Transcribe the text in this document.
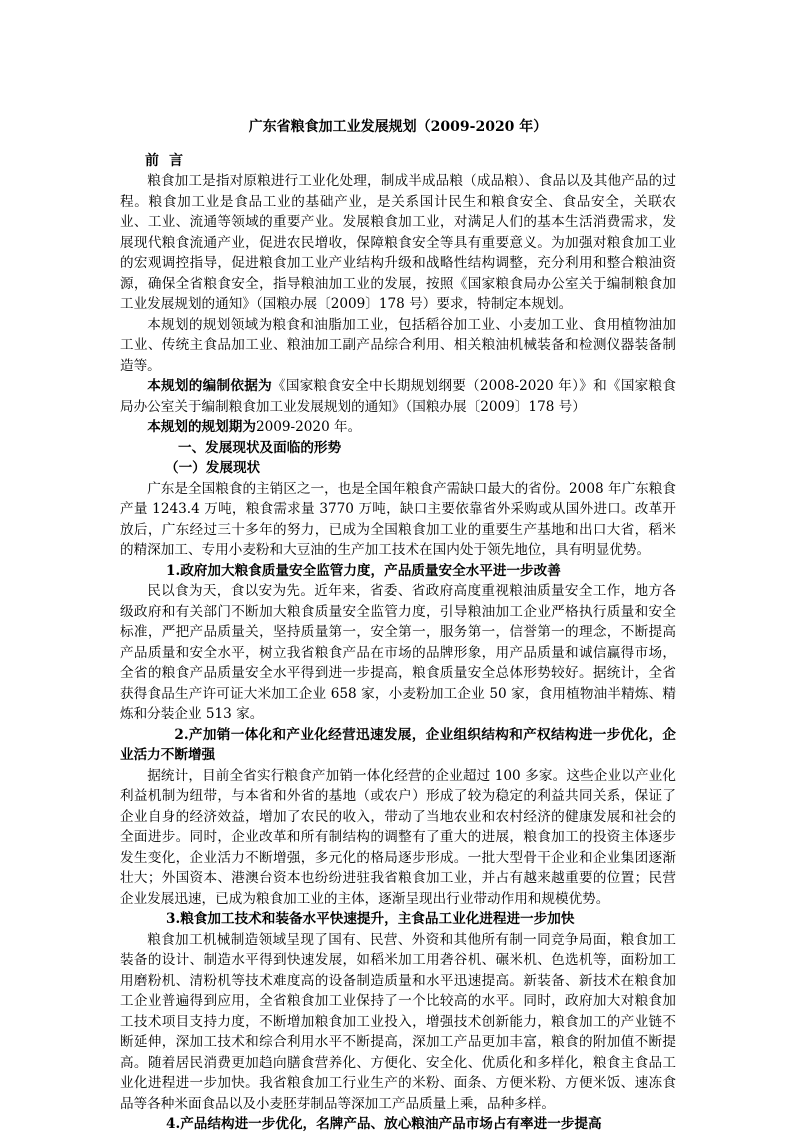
广东省粮食加工业发展规划（2009-2020 年）
前言

粮食加工是指对原粮进行工业化处理，制成半成品粮（成品粮）、食品以及其他产品的过程。粮食加工业是食品工业的基础产业，是关系国计民生和粮食安全、食品安全，关联农业、工业、流通等领域的重要产业。发展粮食加工业，对满足人们的基本生活消费需求，发展现代粮食流通产业，促进农民增收，保障粮食安全等具有重要意义。为加强对粮食加工业的宏观调控指导，促进粮食加工业产业结构升级和战略性结构调整，充分利用和整合粮油资源，确保全省粮食安全，指导粮油加工业的发展，按照《国家粮食局办公室关于编制粮食加工业发展规划的通知》（国粮办展〔2009〕178 号）要求，特制定本规划。

本规划的规划领域为粮食和油脂加工业，包括稻谷加工业、小麦加工业、食用植物油加工业、传统主食品加工业、粮油加工副产品综合利用、相关粮油机械装备和检测仪器装备制造等。

本规划的编制依据为《国家粮食安全中长期规划纲要（2008-2020 年）》和《国家粮食局办公室关于编制粮食加工业发展规划的通知》（国粮办展〔2009〕178 号）

本规划的规划期为2009-2020 年。

一、发展现状及面临的形势
（一）发展现状

广东是全国粮食的主销区之一，也是全国年粮食产需缺口最大的省份。2008 年广东粮食产量 1243.4 万吨，粮食需求量 3770 万吨，缺口主要依靠省外采购或从国外进口。改革开放后，广东经过三十多年的努力，已成为全国粮食加工业的重要生产基地和出口大省，稻米的精深加工、专用小麦粉和大豆油的生产加工技术在国内处于领先地位，具有明显优势。

1.政府加大粮食质量安全监管力度，产品质量安全水平进一步改善

民以食为天，食以安为先。近年来，省委、省政府高度重视粮油质量安全工作，地方各级政府和有关部门不断加大粮食质量安全监管力度，引导粮油加工企业严格执行质量和安全标准，严把产品质量关，坚持质量第一，安全第一，服务第一，信誉第一的理念，不断提高产品质量和安全水平，树立我省粮食产品在市场的品牌形象，用产品质量和诚信赢得市场，全省的粮食产品质量安全水平得到进一步提高，粮食质量安全总体形势较好。据统计，全省获得食品生产许可证大米加工企业 658 家，小麦粉加工企业 50 家，食用植物油半精炼、精炼和分装企业 513 家。

2.产加销一体化和产业化经营迅速发展，企业组织结构和产权结构进一步优化，企业活力不断增强

据统计，目前全省实行粮食产加销一体化经营的企业超过 100 多家。这些企业以产业化利益机制为纽带，与本省和外省的基地（或农户）形成了较为稳定的利益共同关系，保证了企业自身的经济效益，增加了农民的收入，带动了当地农业和农村经济的健康发展和社会的全面进步。同时，企业改革和所有制结构的调整有了重大的进展，粮食加工的投资主体逐步发生变化，企业活力不断增强，多元化的格局逐步形成。一批大型骨干企业和企业集团逐渐壮大；外国资本、港澳台资本也纷纷进驻我省粮食加工业，并占有越来越重要的位置；民营企业发展迅速，已成为粮食加工业的主体，逐渐呈现出行业带动作用和规模优势。

3.粮食加工技术和装备水平快速提升，主食品工业化进程进一步加快

粮食加工机械制造领域呈现了国有、民营、外资和其他所有制一同竞争局面，粮食加工装备的设计、制造水平得到快速发展，如稻米加工用砻谷机、碾米机、色选机等，面粉加工用磨粉机、清粉机等技术难度高的设备制造质量和水平迅速提高。新装备、新技术在粮食加工企业普遍得到应用，全省粮食加工业保持了一个比较高的水平。同时，政府加大对粮食加工技术项目支持力度，不断增加粮食加工业投入，增强技术创新能力，粮食加工的产业链不断延伸，深加工技术和综合利用水平不断提高，深加工产品更加丰富，粮食的附加值不断提高。随着居民消费更加趋向膳食营养化、方便化、安全化、优质化和多样化，粮食主食品工业化进程进一步加快。我省粮食加工行业生产的米粉、面条、方便米粉、方便米饭、速冻食品等各种米面食品以及小麦胚芽制品等深加工产品质量上乘，品种多样。

4.产品结构进一步优化，名牌产品、放心粮油产品市场占有率进一步提高
